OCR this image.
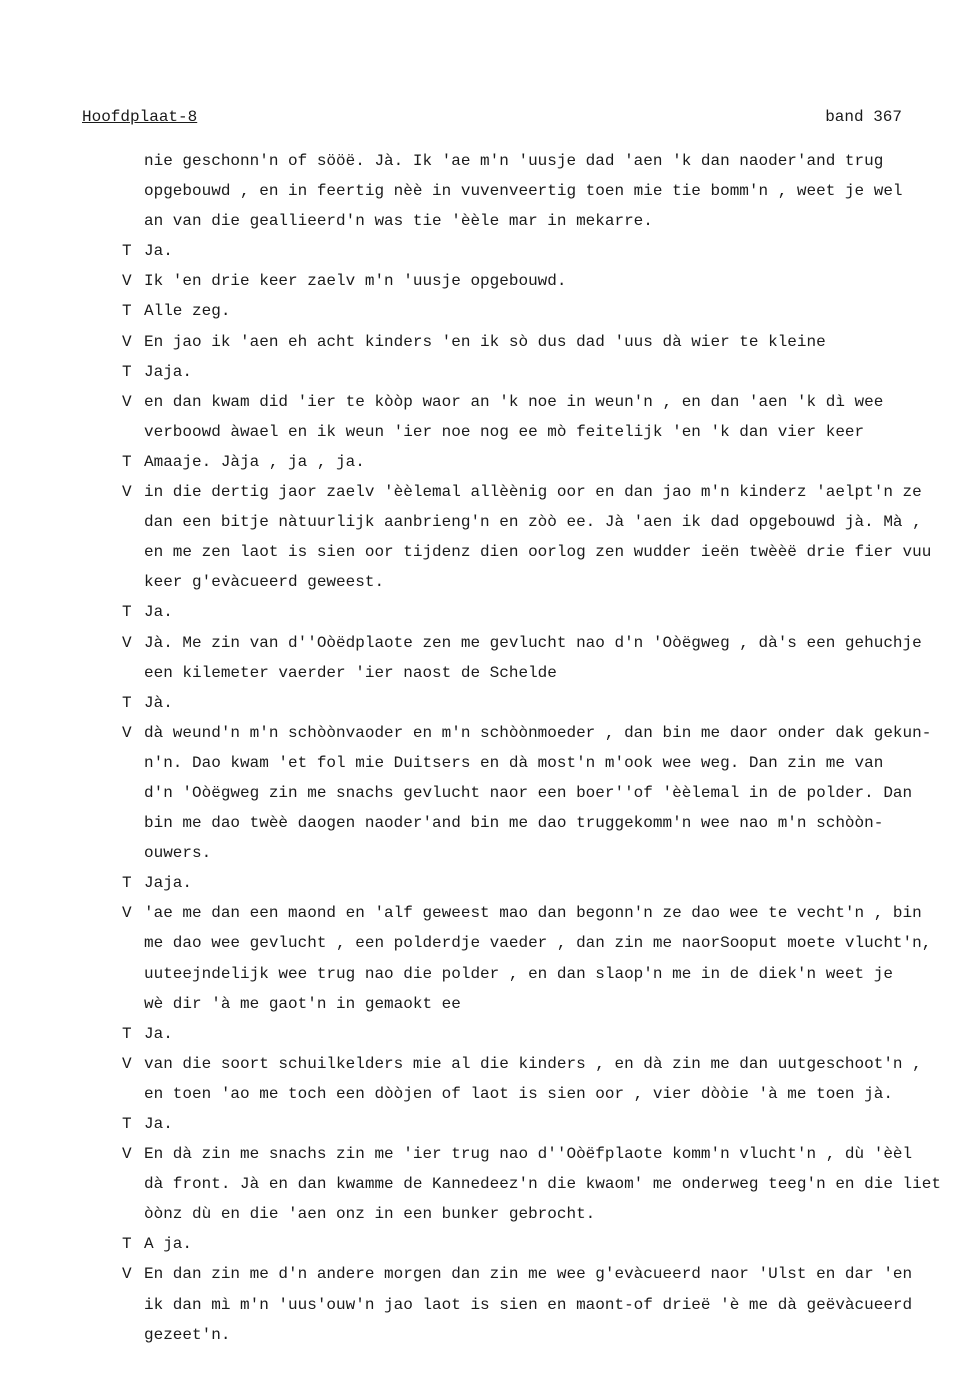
Hoofdplaat-8	band 367
nie geschonn'n of sööë. Jà. Ik 'ae m'n 'uusje dad 'aen 'k dan naoder'and trug
opgebouwd , en in feertig nèè in vuvenveertig toen mie tie bomm'n , weet je wel
an van die geallieerd'n was tie 'èèle mar in mekarre.
T Ja.
V Ik 'en drie keer zaelv m'n 'uusje opgebouwd.
T Alle zeg.
V En jao ik 'aen eh acht kinders 'en ik sò dus dad 'uus dà wier te kleine
T Jaja.
V en dan kwam did 'ier te kòòp waor an 'k noe in weun'n , en dan 'aen 'k dì wee
verboowd àwael en ik weun 'ier noe nog ee mò feitelijk 'en 'k dan vier keer
T Amaaje. Jàja , ja , ja.
V in die dertig jaor zaelv 'èèlemal allèènig oor en dan jao m'n kinderz 'aelpt'n ze
dan een bitje nàtuurlijk aanbrieng'n en zòò ee. Jà 'aen ik dad opgebouwd jà. Mà ,
en me zen laot is sien oor tijdenz dien oorlog zen wudder ieën twèèë drie fier vuu
keer g'evàcueerd geweest.
T Ja.
V Jà. Me zin van d''Oòëdplaote zen me gevlucht nao d'n 'Oòëgweg , dà's een gehuchje
een kilemeter vaerder 'ier naost de Schelde
T Jà.
V dà weund'n m'n schòònvaoder en m'n schòònmoeder , dan bin me daor onder dak gekun-
n'n. Dao kwam 'et fol mie Duitsers en dà most'n m'ook wee weg. Dan zin me van
d'n 'Oòëgweg zin me snachs gevlucht naor een boer''of 'èèlemal in de polder. Dan
bin me dao twèè daogen naoder'and bin me dao truggekomm'n wee nao m'n schòòn-
ouwers.
T Jaja.
V 'ae me dan een maond en 'alf geweest mao dan begonn'n ze dao wee te vecht'n , bin
me dao wee gevlucht , een polderdje vaeder , dan zin me naorSooput moete vlucht'n,
uuteejndelijk wee trug nao die polder , en dan slaop'n me in de diek'n weet je
wè dir 'à me gaot'n in gemaokt ee
T Ja.
V van die soort schuilkelders mie al die kinders , en dà zin me dan uutgeschoot'n ,
en toen 'ao me toch een dòòjen of laot is sien oor , vier dòòie 'à me toen jà.
T Ja.
V En dà zin me snachs zin me 'ier trug nao d''Oòëfplaote komm'n vlucht'n , dù 'èèl
dà front. Jà en dan kwamme de Kannedeez'n die kwaom' me onderweg teeg'n en die liet
òònz dù en die 'aen onz in een bunker gebrocht.
T A ja.
V En dan zin me d'n andere morgen dan zin me wee g'evàcueerd naor 'Ulst en dar 'en
ik dan mì m'n 'uus'ouw'n jao laot is sien en maont-of drieë 'è me dà geëvàcueerd
gezeet'n.
